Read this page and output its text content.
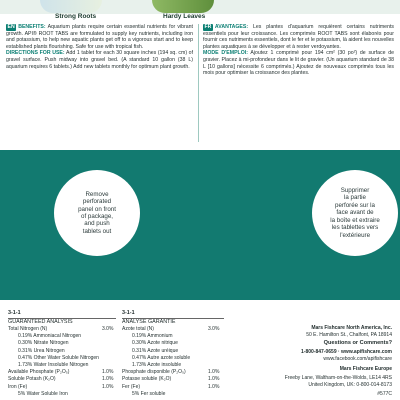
Strong Roots	Hardy Leaves
EN BENEFITS: Aquarium plants require certain essential nutrients for vibrant growth. API® ROOT TABS are formulated to supply key nutrients, including iron and potassium, to help new aquatic plants get off to a vigorous start and to keep established plants flourishing. Safe for use with tropical fish.
DIRECTIONS FOR USE: Add 1 tablet for each 30 square inches (194 sq. cm) of gravel surface. Push midway into gravel bed. (A standard 10 gallon (38 L) aquarium requires 6 tablets.) Add new tablets monthly for optimum plant growth.
FR AVANTAGES: Les plantes d'aquarium requièrent certains nutriments essentiels pour leur croissance. Les comprimés ROOT TABS sont élaborés pour fournir ces nutriments essentiels, dont le fer et le potassium, là aident les nouvelles plantes aquatiques à se développer et à rester verdoyantes.
MODE D'EMPLOI: Ajoutez 1 comprimé pour 194 cm² (30 po²) de surface de gravier. Placez à mi-profondeur dans le lit de gravier. (Un aquarium standard de 38 L [10 gallons] nécessite 6 comprimés.) Ajoutez de nouveaux comprimés tous les mois pour optimiser la croissance des plantes.
Remove
perforated
panel on front
of package,
and push
tablets out
Supprimer
la partie
perforée sur la
face avant de
la boîte et extraire
les tablettes vers
l'extérieure
3-1-1
GUARANTEED ANALYSIS
Total Nitrogen (N)	3.0%
0.19% Ammoniacal Nitrogen
0.30% Nitrate Nitrogen
0.31% Urea Nitrogen
0.47% Other Water Soluble Nitrogen
1.73% Water Insoluble Nitrogen
Available Phosphate (P₂O₅)	1.0%
Soluble Potash (K₂O)	1.0%
Iron (Fe)	1.0%
5% Water Soluble Iron
3-1-1
ANALYSE GARANTIE
Azote total (N)	3.0%
0.19% Ammonium
0.30% Azote nitrique
0.31% Azote uréique
0.47% Autre azote soluble
1.73% Azote insoluble
Phosphate disponible (P₂O₅)	1.0%
Potasse soluble (K₂O)	1.0%
Fer (Fe)	1.0%
5% Fer soluble
Mars Fishcare North America, Inc.
50 E. Hamilton St., Chalfont, PA 18914
Questions or Comments?
1-800-847-0659 · www.apifishcare.com
www.facebook.com/apifishcare
Mars Fishcare Europe
Freeby Lane, Waltham-on-the-Wolds, LE14 4RS
United Kingdom, UK: 0-800-014-8173
#577C
